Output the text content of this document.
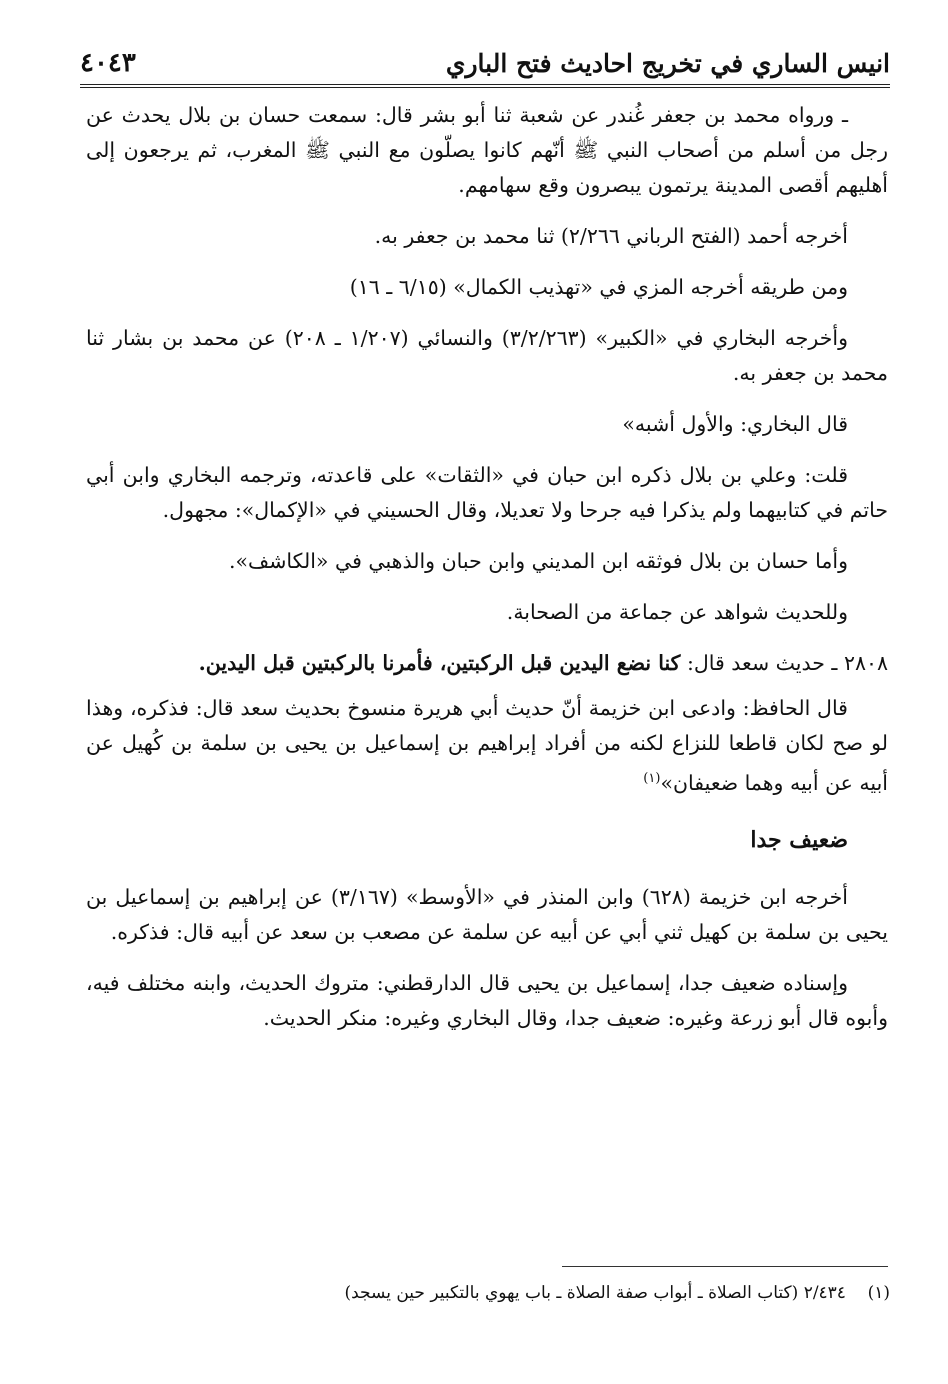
انيس الساري في تخريج احاديث فتح الباري
٤٠٤٣

ـ ورواه محمد بن جعفر غُندر عن شعبة ثنا أبو بشر قال: سمعت حسان بن بلال يحدث عن رجل من أسلم من أصحاب النبي ﷺ أنّهم كانوا يصلّون مع النبي ﷺ المغرب، ثم يرجعون إلى أهليهم أقصى المدينة يرتمون يبصرون وقع سهامهم.

أخرجه أحمد (الفتح الرباني ٢/٢٦٦) ثنا محمد بن جعفر به.

ومن طريقه أخرجه المزي في «تهذيب الكمال» (٦/١٥ ـ ١٦)

وأخرجه البخاري في «الكبير» (٣/٢/٢٦٣) والنسائي (١/٢٠٧ ـ ٢٠٨) عن محمد بن بشار ثنا محمد بن جعفر به.

قال البخاري: والأول أشبه»

قلت: وعلي بن بلال ذكره ابن حبان في «الثقات» على قاعدته، وترجمه البخاري وابن أبي حاتم في كتابيهما ولم يذكرا فيه جرحا ولا تعديلا، وقال الحسيني في «الإكمال»: مجهول.

وأما حسان بن بلال فوثقه ابن المديني وابن حبان والذهبي في «الكاشف».

وللحديث شواهد عن جماعة من الصحابة.

٢٨٠٨ ـ حديث سعد قال: كنا نضع اليدين قبل الركبتين، فأمرنا بالركبتين قبل اليدين.

قال الحافظ: وادعى ابن خزيمة أنّ حديث أبي هريرة منسوخ بحديث سعد قال: فذكره، وهذا لو صح لكان قاطعا للنزاع لكنه من أفراد إبراهيم بن إسماعيل بن يحيى بن سلمة بن كُهيل عن أبيه عن أبيه وهما ضعيفان»$^{(١)}$

ضعيف جدا

أخرجه ابن خزيمة (٦٢٨) وابن المنذر في «الأوسط» (٣/١٦٧) عن إبراهيم بن إسماعيل بن يحيى بن سلمة بن كهيل ثني أبي عن أبيه عن سلمة عن مصعب بن سعد عن أبيه قال: فذكره.

وإسناده ضعيف جدا، إسماعيل بن يحيى قال الدارقطني: متروك الحديث، وابنه مختلف فيه، وأبوه قال أبو زرعة وغيره: ضعيف جدا، وقال البخاري وغيره: منكر الحديث.

(١)    ٢/٤٣٤ (كتاب الصلاة ـ أبواب صفة الصلاة ـ باب يهوي بالتكبير حين يسجد)
